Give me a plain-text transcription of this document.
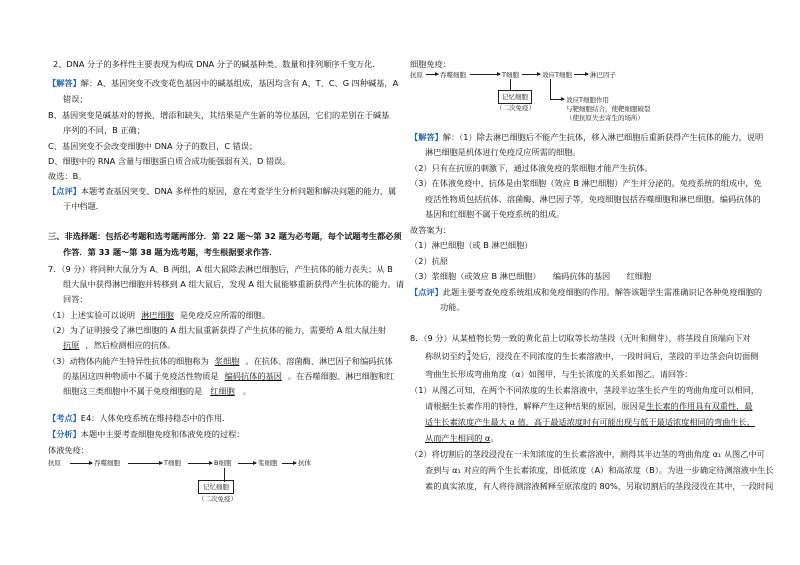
2、DNA 分子的多样性主要表现为构成 DNA 分子的碱基种类、数量和排列顺序千变万化．
【解答】解：A、基因突变不改变花色基因中的碱基组成，基因均含有 A、T、C、G 四种碱基，A
错误；
B、基因突变是碱基对的替换、增添和缺失，其结果是产生新的等位基因，它们的差别在于碱基
序列的不同，B 正确；
C、基因突变不会改变细胞中 DNA 分子的数目，C 错误；
D、细胞中的 RNA 含量与细胞蛋白质合成功能强弱有关，D 错误。
故选：B。
【点评】本题考查基因突变、DNA 多样性的原因，意在考查学生分析问题和解决问题的能力，属
于中档题．
三、非选择题：包括必考题和选考题两部分．第 22 题～第 32 题为必考题，每个试题考生都必须
作答．第 33 题～第 38 题为选考题，考生根据要求作答．
7．（9 分）将同种大鼠分为 A、B 两组，A 组大鼠除去淋巴细胞后，产生抗体的能力丧失；从 B
组大鼠中获得淋巴细胞并转移到 A 组大鼠后，发现 A 组大鼠能够重新获得产生抗体的能力。请
回答：
（1）上述实验可以说明 淋巴细胞 是免疫反应所需的细胞。
（2）为了证明接受了淋巴细胞的 A 组大鼠重新获得了产生抗体的能力，需要给 A 组大鼠注射
抗原 ，然后检测相应的抗体。
（3）动物体内能产生特异性抗体的细胞称为 浆细胞 。在抗体、溶菌酶、淋巴因子和编码抗体
的基因这四种物质中不属于免疫活性物质是 编码抗体的基因 。在吞噬细胞、淋巴细胞和红
细胞这三类细胞中不属于免疫细胞的是 红细胞 。
【考点】E4：人体免疫系统在维持稳态中的作用．
【分析】本题中主要考查细胞免疫和体液免疫的过程：
体液免疫：
抗原	吞噬细胞	T细胞	B细胞	浆细胞	抗体
记忆细胞
（二次免疫）
细胞免疫：
抗原	吞噬细胞	T细胞	效应T细胞	淋巴因子
记忆细胞
（二次免疫）
效应T细胞作用
与靶细胞结合，使靶细胞破裂
（使抗原失去寄生的场所）
【解答】解：（1）除去淋巴细胞后不能产生抗体，移入淋巴细胞后重新获得产生抗体的能力，说明
淋巴细胞是机体进行免疫反应所需的细胞。
（2）只有在抗原的刺激下，通过体液免疫的浆细胞才能产生抗体。
（3）在体液免疫中，抗体是由浆细胞（效应 B 淋巴细胞）产生并分泌的。免疫系统的组成中，免
疫活性物质包括抗体、溶菌酶、淋巴因子等，免疫细胞包括吞噬细胞和淋巴细胞。编码抗体的
基因和红细胞不属于免疫系统的组成。
故答案为：
（1）淋巴细胞（或 B 淋巴细胞）
（2）抗原
（3）浆细胞（或效应 B 淋巴细胞）　　编码抗体的基因　　红细胞
【点评】此题主要考查免疫系统组成和免疫细胞的作用。解答该题学生需准确识记各种免疫细胞的
功能。
8．（9 分）从某植物长势一致的黄化苗上切取等长幼茎段（无叶和侧芽），将茎段自顶端向下对
称纵切至约3
4处后，浸没在不同浓度的生长素溶液中，一段时间后，茎段的半边茎会向切面侧
弯曲生长形成弯曲角度（α）如图甲，与生长浓度的关系如图乙。请回答：
（1）从图乙可知，在两个不同浓度的生长素溶液中，茎段半边茎生长产生的弯曲角度可以相同，
请根据生长素作用的特性，解释产生这种结果的原因，原因是生长素的作用具有双重性，最
适生长素浓度产生最大 α 值，高于最适浓度时有可能出现与低于最适浓度相同的弯曲生长，
从而产生相同的 α。
（2）将切割后的茎段浸没在一未知浓度的生长素溶液中，测得其半边茎的弯曲角度 α₁ 从图乙中可
查到与 α₁ 对应的两个生长素浓度，即低浓度（A）和高浓度（B）。为进一步确定待测溶液中生长
素的真实浓度，有人将待测溶液稀释至原浓度的 80%，另取切割后的茎段浸没在其中，一段时间
